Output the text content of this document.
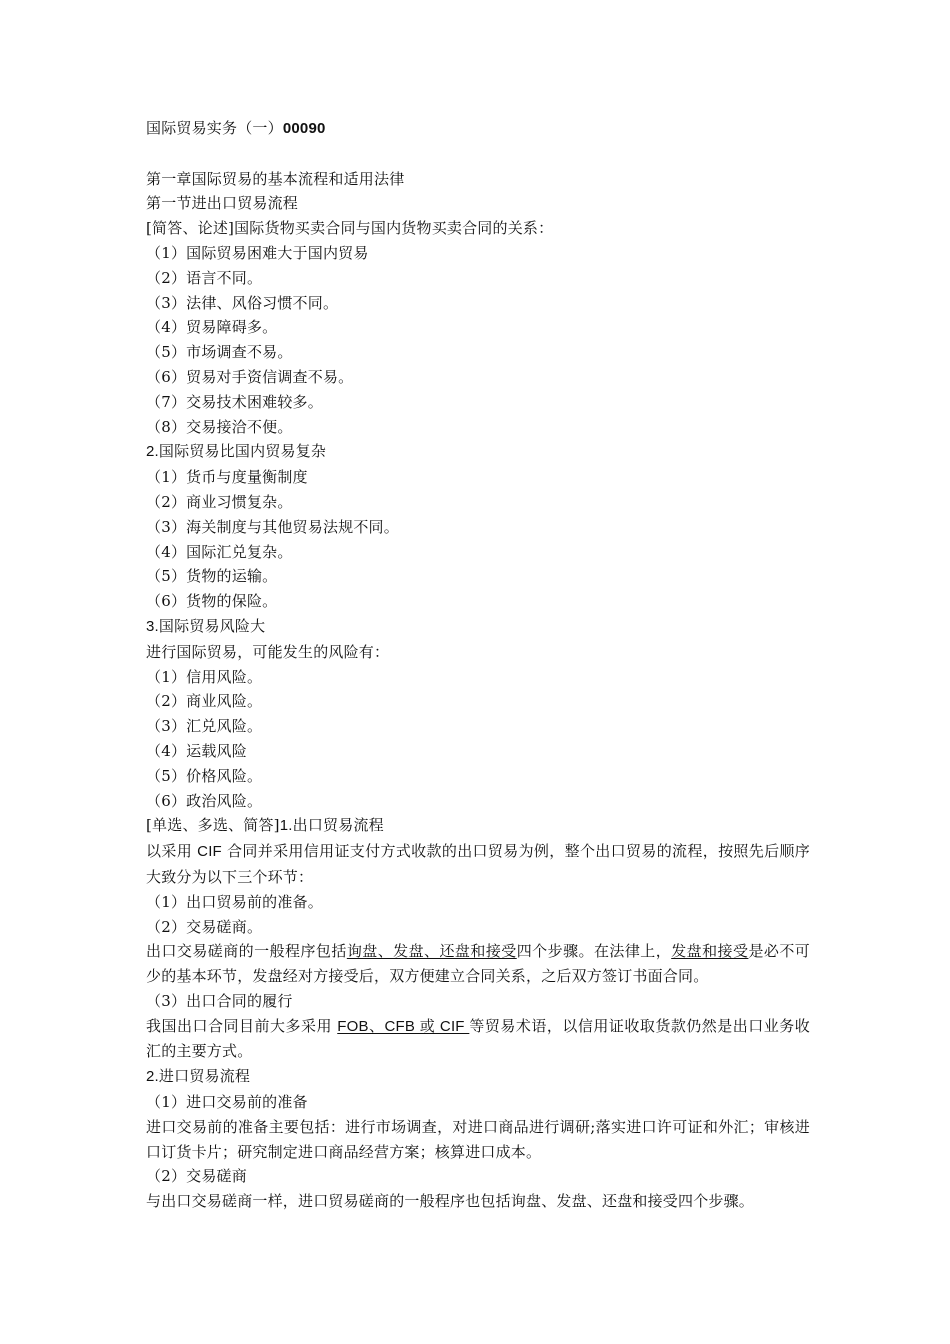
国际贸易实务（一）00090
第一章国际贸易的基本流程和适用法律
第一节进出口贸易流程
[简答、论述]国际货物买卖合同与国内货物买卖合同的关系：
（1）国际贸易困难大于国内贸易
（2）语言不同。
（3）法律、风俗习惯不同。
（4）贸易障碍多。
（5）市场调查不易。
（6）贸易对手资信调查不易。
（7）交易技术困难较多。
（8）交易接洽不便。
2.国际贸易比国内贸易复杂
（1）货币与度量衡制度
（2）商业习惯复杂。
（3）海关制度与其他贸易法规不同。
（4）国际汇兑复杂。
（5）货物的运输。
（6）货物的保险。
3.国际贸易风险大
进行国际贸易，可能发生的风险有：
（1）信用风险。
（2）商业风险。
（3）汇兑风险。
（4）运载风险
（5）价格风险。
（6）政治风险。
[单选、多选、简答]1.出口贸易流程
以采用 CIF 合同并采用信用证支付方式收款的出口贸易为例，整个出口贸易的流程，按照先后顺序大致分为以下三个环节：
（1）出口贸易前的准备。
（2）交易磋商。
出口交易磋商的一般程序包括询盘、发盘、还盘和接受四个步骤。在法律上，发盘和接受是必不可少的基本环节，发盘经对方接受后，双方便建立合同关系，之后双方签订书面合同。
（3）出口合同的履行
我国出口合同目前大多采用 FOB、CFB 或 CIF 等贸易术语，以信用证收取货款仍然是出口业务收汇的主要方式。
2.进口贸易流程
（1）进口交易前的准备
进口交易前的准备主要包括：进行市场调查，对进口商品进行调研;落实进口许可证和外汇；审核进口订货卡片；研究制定进口商品经营方案；核算进口成本。
（2）交易磋商
与出口交易磋商一样，进口贸易磋商的一般程序也包括询盘、发盘、还盘和接受四个步骤。
